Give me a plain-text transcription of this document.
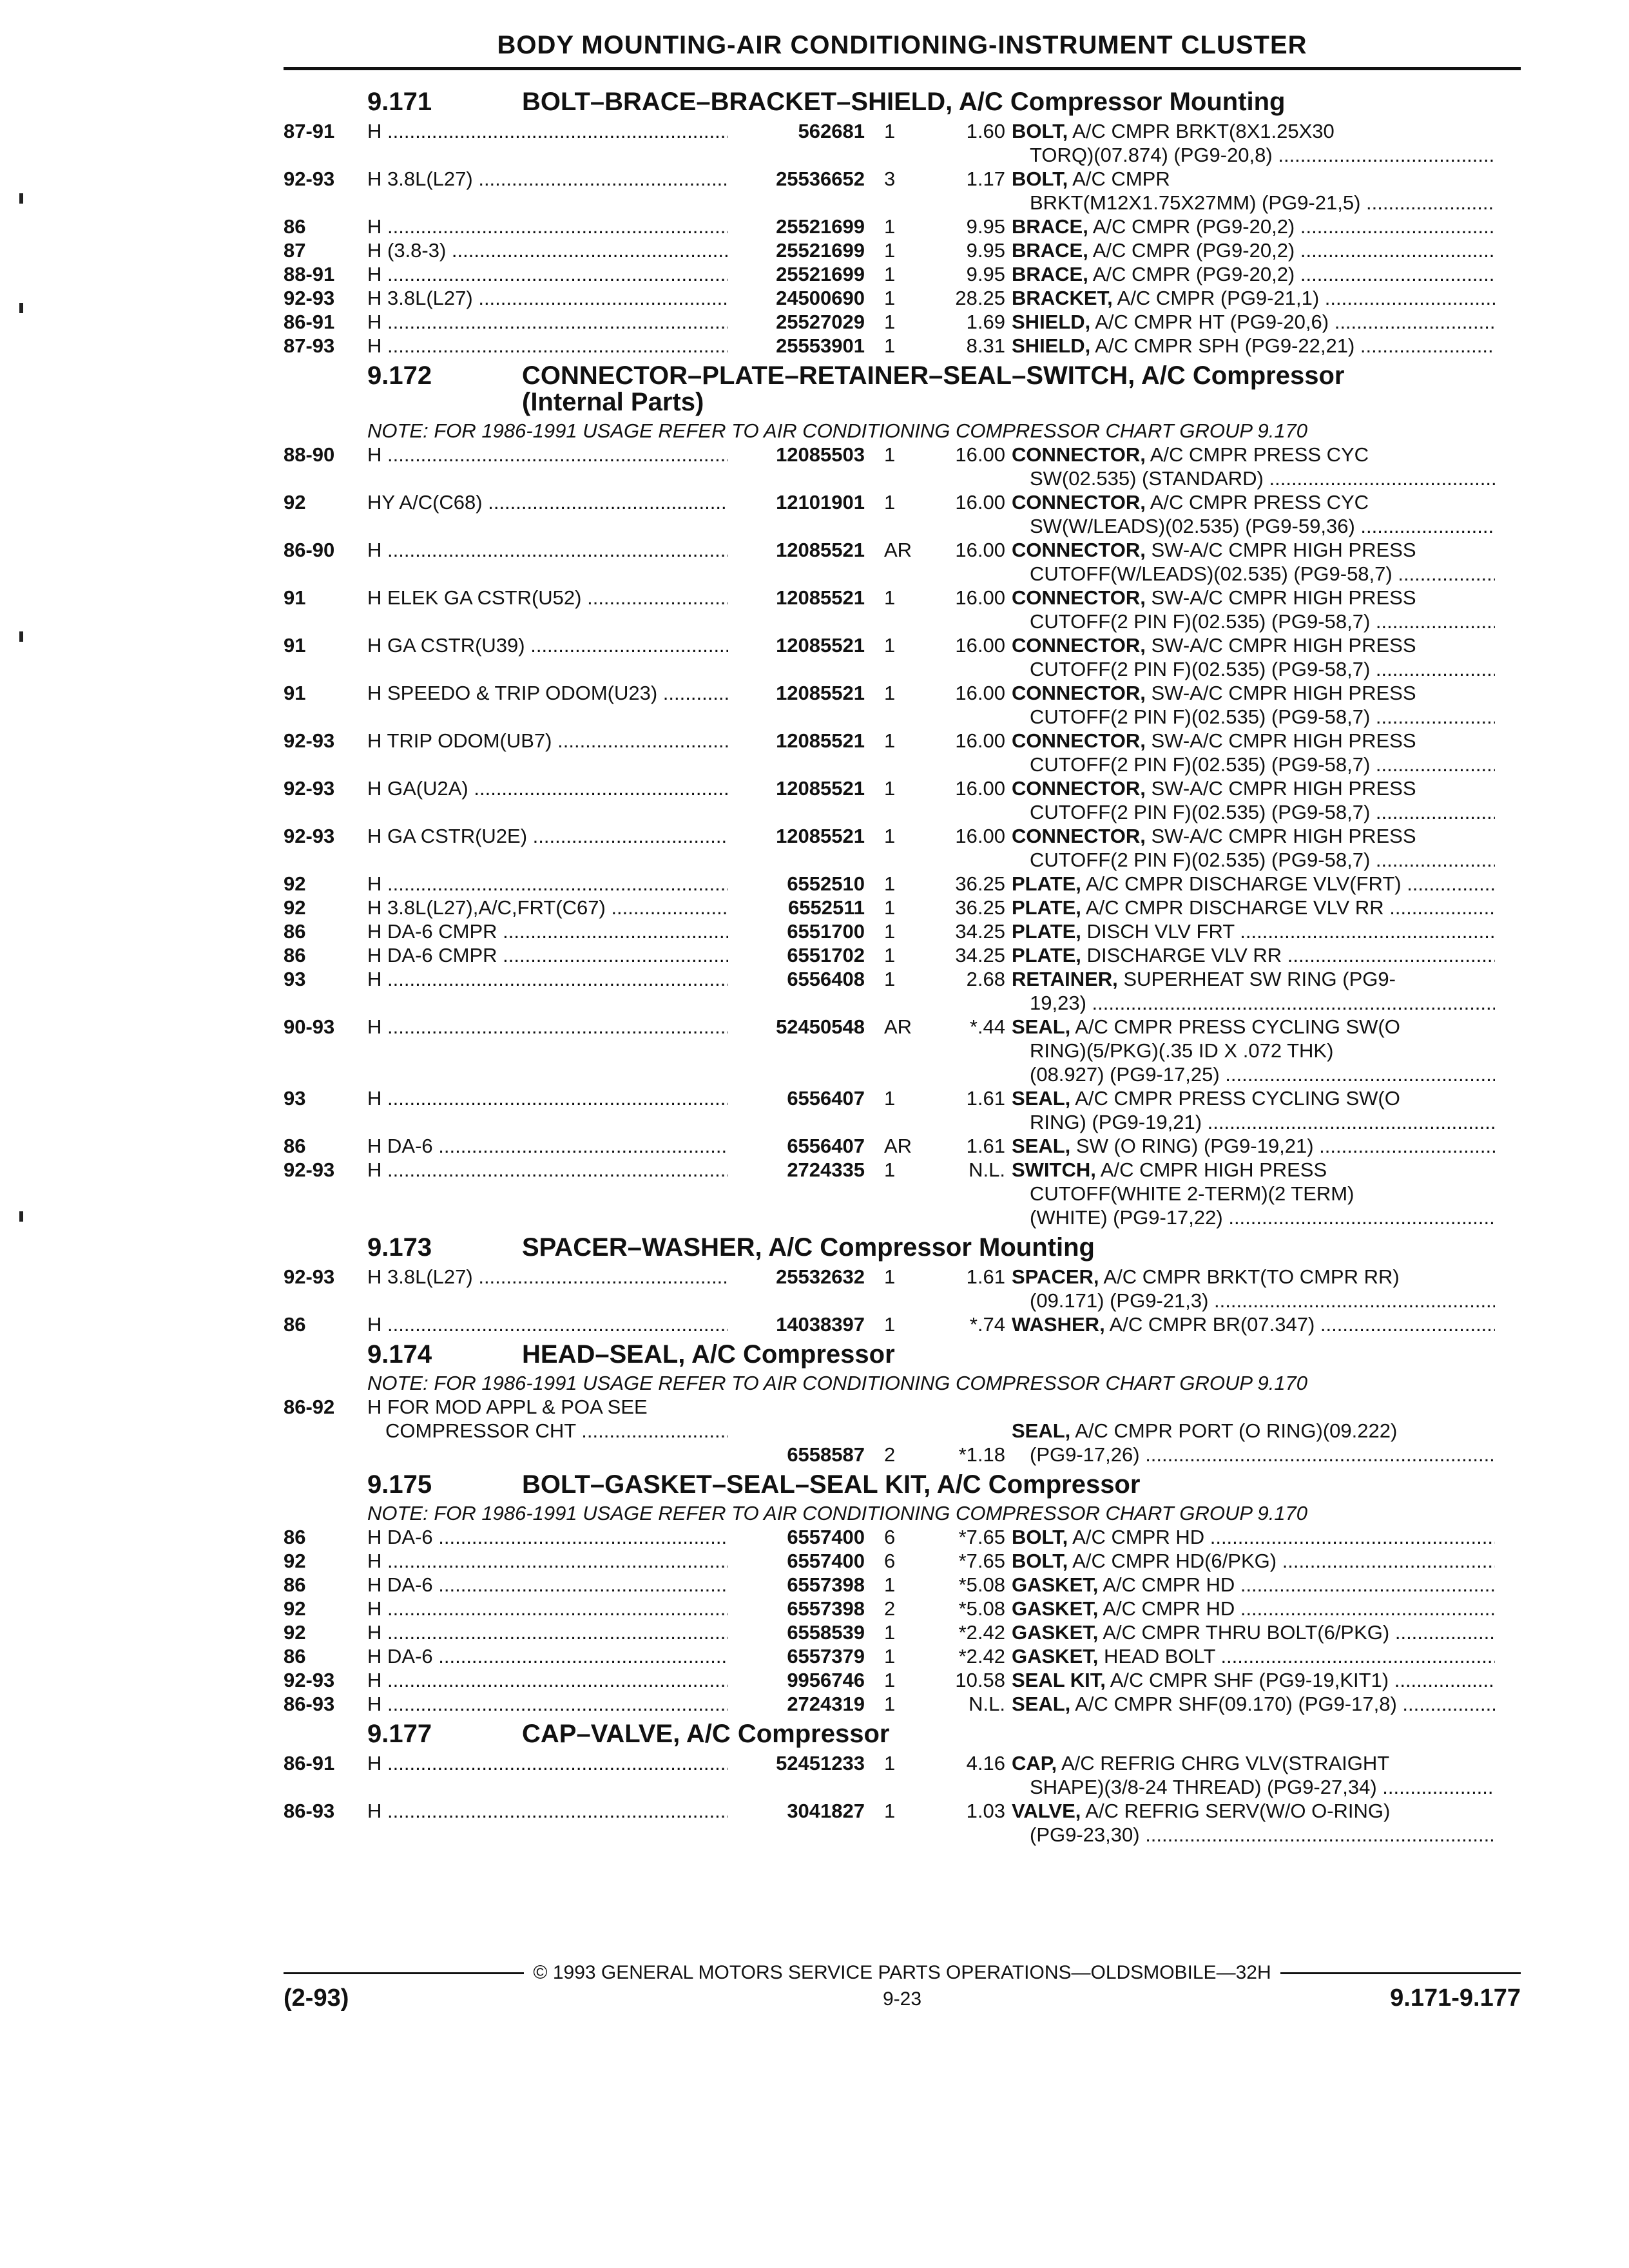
BODY MOUNTING-AIR CONDITIONING-INSTRUMENT CLUSTER
9.171	BOLT–BRACE–BRACKET–SHIELD, A/C Compressor Mounting
87-91	H .....	562681 1	1.60 BOLT, A/C CMPR BRKT(8X1.25X30
TORQ)(07.874) (PG9-20,8) .....
92-93	H 3.8L(L27) .....	25536652 3	1.17 BOLT, A/C CMPR
BRKT(M12X1.75X27MM) (PG9-21,5) .....
86	H .....	25521699 1	9.95 BRACE, A/C CMPR (PG9-20,2) .....
87	H (3.8-3) .....	25521699 1	9.95 BRACE, A/C CMPR (PG9-20,2) .....
88-91	H .....	25521699 1	9.95 BRACE, A/C CMPR (PG9-20,2) .....
92-93	H 3.8L(L27) .....	24500690 1	28.25 BRACKET, A/C CMPR (PG9-21,1) .....
86-91	H .....	25527029 1	1.69 SHIELD, A/C CMPR HT (PG9-20,6) .....
87-93	H .....	25553901 1	8.31 SHIELD, A/C CMPR SPH (PG9-22,21) .....
9.172	CONNECTOR–PLATE–RETAINER–SEAL–SWITCH, A/C Compressor
(Internal Parts)
NOTE: FOR 1986-1991 USAGE REFER TO AIR CONDITIONING COMPRESSOR CHART GROUP 9.170
88-90	H .....	12085503 1	16.00 CONNECTOR, A/C CMPR PRESS CYC
SW(02.535) (STANDARD) .....
92	HY A/C(C68) .....	12101901 1	16.00 CONNECTOR, A/C CMPR PRESS CYC
SW(W/LEADS)(02.535) (PG9-59,36) .....
86-90	H .....	12085521 AR	16.00 CONNECTOR, SW-A/C CMPR HIGH PRESS
CUTOFF(W/LEADS)(02.535) (PG9-58,7) .....
91	H ELEK GA CSTR(U52) .....	12085521 1	16.00 CONNECTOR, SW-A/C CMPR HIGH PRESS
CUTOFF(2 PIN F)(02.535) (PG9-58,7) .....
91	H GA CSTR(U39) .....	12085521 1	16.00 CONNECTOR, SW-A/C CMPR HIGH PRESS
CUTOFF(2 PIN F)(02.535) (PG9-58,7) .....
91	H SPEEDO & TRIP ODOM(U23) .....	12085521 1	16.00 CONNECTOR, SW-A/C CMPR HIGH PRESS
CUTOFF(2 PIN F)(02.535) (PG9-58,7) .....
92-93	H TRIP ODOM(UB7) .....	12085521 1	16.00 CONNECTOR, SW-A/C CMPR HIGH PRESS
CUTOFF(2 PIN F)(02.535) (PG9-58,7) .....
92-93	H GA(U2A) .....	12085521 1	16.00 CONNECTOR, SW-A/C CMPR HIGH PRESS
CUTOFF(2 PIN F)(02.535) (PG9-58,7) .....
92-93	H GA CSTR(U2E) .....	12085521 1	16.00 CONNECTOR, SW-A/C CMPR HIGH PRESS
CUTOFF(2 PIN F)(02.535) (PG9-58,7) .....
92	H .....	6552510 1	36.25 PLATE, A/C CMPR DISCHARGE VLV(FRT) .....
92	H 3.8L(L27),A/C,FRT(C67) .....	6552511 1	36.25 PLATE, A/C CMPR DISCHARGE VLV RR .....
86	H DA-6 CMPR .....	6551700 1	34.25 PLATE, DISCH VLV FRT .....
86	H DA-6 CMPR .....	6551702 1	34.25 PLATE, DISCHARGE VLV RR .....
93	H .....	6556408 1	2.68 RETAINER, SUPERHEAT SW RING (PG9-
19,23) .....
90-93	H .....	52450548 AR	*.44 SEAL, A/C CMPR PRESS CYCLING SW(O
RING)(5/PKG)(.35 ID X .072 THK)
(08.927) (PG9-17,25) .....
93	H .....	6556407 1	1.61 SEAL, A/C CMPR PRESS CYCLING SW(O
RING) (PG9-19,21) .....
86	H DA-6 .....	6556407 AR	1.61 SEAL, SW (O RING) (PG9-19,21) .....
92-93	H .....	2724335 1	N.L. SWITCH, A/C CMPR HIGH PRESS
CUTOFF(WHITE 2-TERM)(2 TERM)
(WHITE) (PG9-17,22) .....
9.173	SPACER–WASHER, A/C Compressor Mounting
92-93	H 3.8L(L27) .....	25532632 1	1.61 SPACER, A/C CMPR BRKT(TO CMPR RR)
(09.171) (PG9-21,3) .....
86	H .....	14038397 1	*.74 WASHER, A/C CMPR BR(07.347) .....
9.174	HEAD–SEAL, A/C Compressor
NOTE: FOR 1986-1991 USAGE REFER TO AIR CONDITIONING COMPRESSOR CHART GROUP 9.170
86-92	H FOR MOD APPL & POA SEE
COMPRESSOR CHT .....
6558587 2	*1.18
SEAL, A/C CMPR PORT (O RING)(09.222)
(PG9-17,26) .....
9.175	BOLT–GASKET–SEAL–SEAL KIT, A/C Compressor
NOTE: FOR 1986-1991 USAGE REFER TO AIR CONDITIONING COMPRESSOR CHART GROUP 9.170
86	H DA-6 .....	6557400 6	*7.65 BOLT, A/C CMPR HD .....
92	H .....	6557400 6	*7.65 BOLT, A/C CMPR HD(6/PKG) .....
86	H DA-6 .....	6557398 1	*5.08 GASKET, A/C CMPR HD .....
92	H .....	6557398 2	*5.08 GASKET, A/C CMPR HD .....
92	H .....	6558539 1	*2.42 GASKET, A/C CMPR THRU BOLT(6/PKG) .....
86	H DA-6 .....	6557379 1	*2.42 GASKET, HEAD BOLT .....
92-93	H .....	9956746 1	10.58 SEAL KIT, A/C CMPR SHF (PG9-19,KIT1) .....
86-93	H .....	2724319 1	N.L. SEAL, A/C CMPR SHF(09.170) (PG9-17,8) .....
9.177	CAP–VALVE, A/C Compressor
86-91	H .....	52451233 1	4.16 CAP, A/C REFRIG CHRG VLV(STRAIGHT
SHAPE)(3/8-24 THREAD) (PG9-27,34) .....
86-93	H .....	3041827 1	1.03 VALVE, A/C REFRIG SERV(W/O O-RING)
(PG9-23,30) .....
© 1993 GENERAL MOTORS SERVICE PARTS OPERATIONS—OLDSMOBILE—32H
(2-93)	9-23	9.171-9.177
